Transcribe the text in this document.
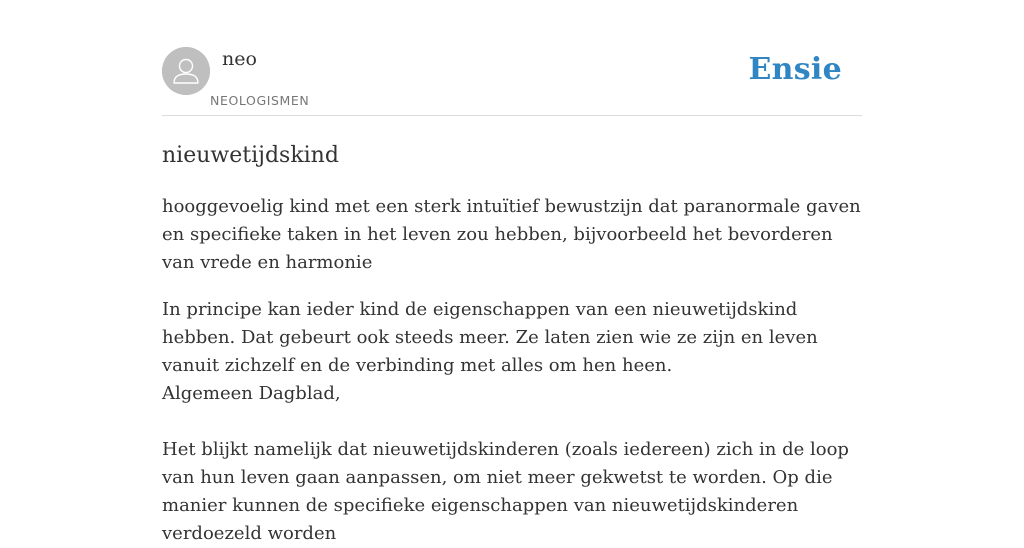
neo
NEOLOGISMEN
Ensie
nieuwetijdskind
hooggevoelig kind met een sterk intuïtief bewustzijn dat paranormale gaven en specifieke taken in het leven zou hebben, bijvoorbeeld het bevorderen van vrede en harmonie

In principe kan ieder kind de eigenschappen van een nieuwetijdskind hebben. Dat gebeurt ook steeds meer. Ze laten zien wie ze zijn en leven vanuit zichzelf en de verbinding met alles om hen heen.

Algemeen Dagblad,

Het blijkt namelijk dat nieuwetijdskinderen (zoals iedereen) zich in de loop van hun leven gaan aanpassen, om niet meer gekwetst te worden. Op die manier kunnen de specifieke eigenschappen van nieuwetijdskinderen verdoezeld worden
